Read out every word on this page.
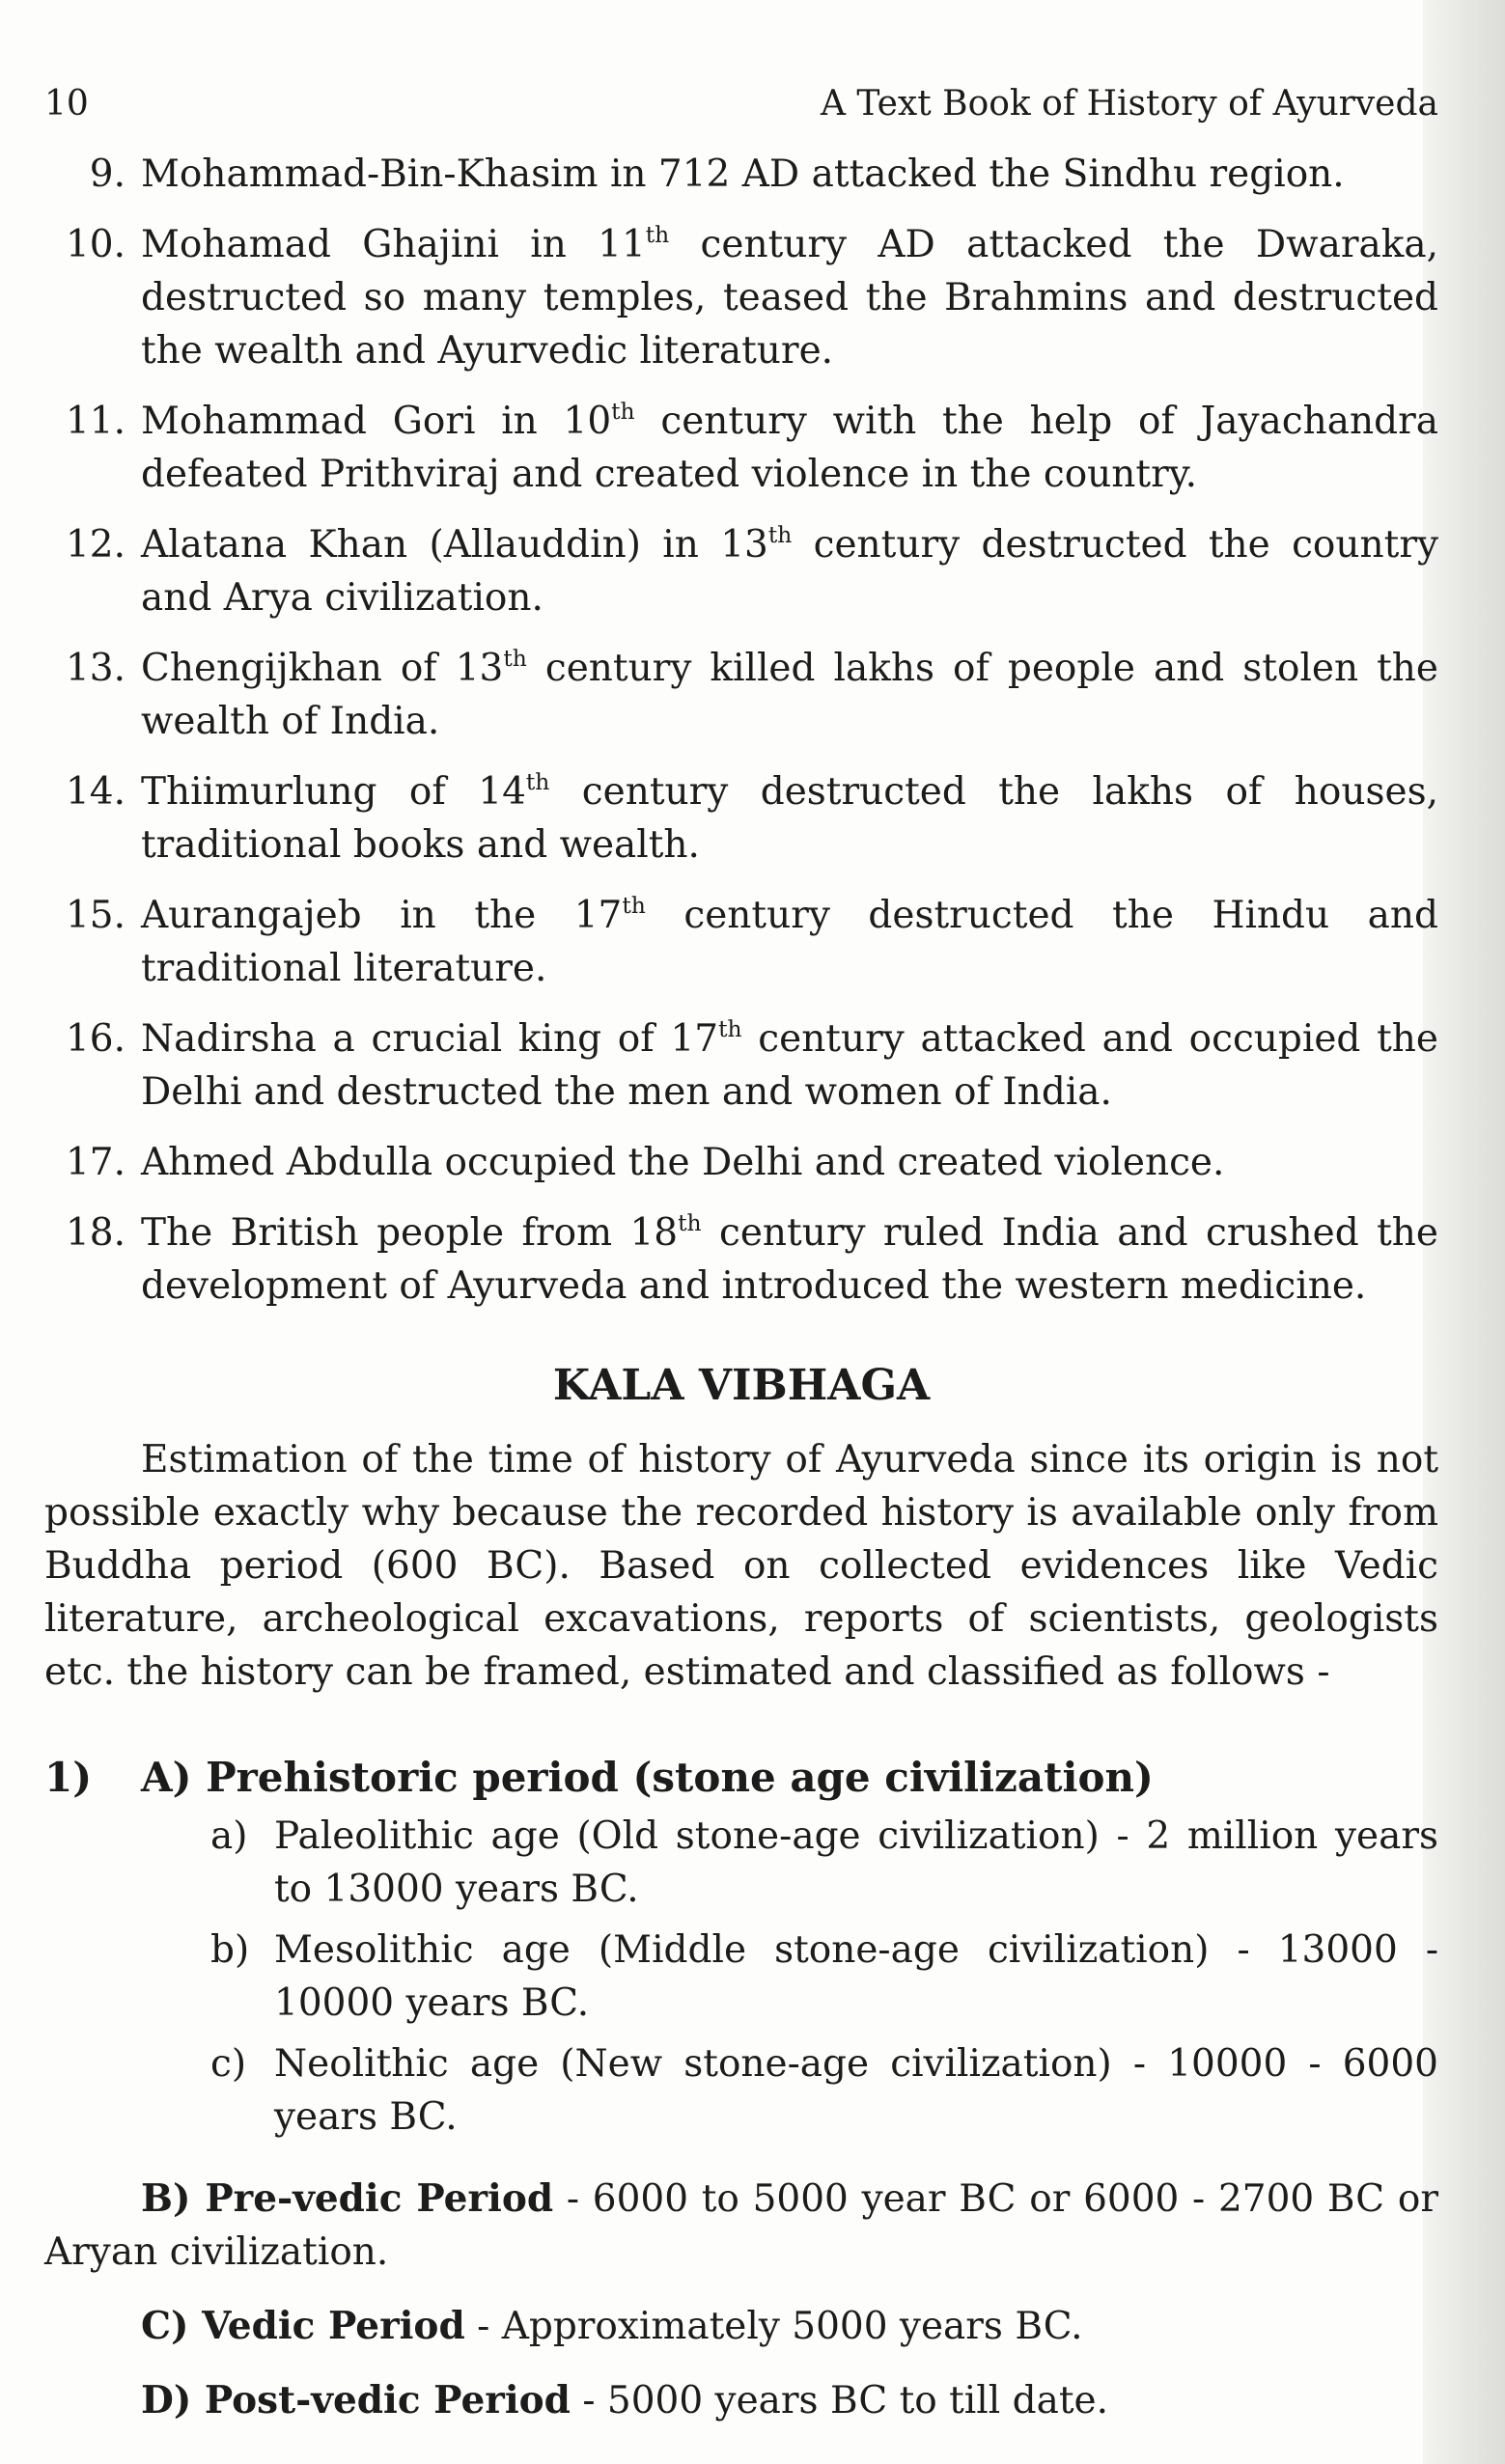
10	A Text Book of History of Ayurveda
9. Mohammad-Bin-Khasim in 712 AD attacked the Sindhu region.
10. Mohamad Ghajini in 11th century AD attacked the Dwaraka, destructed so many temples, teased the Brahmins and destructed the wealth and Ayurvedic literature.
11. Mohammad Gori in 10th century with the help of Jayachandra defeated Prithviraj and created violence in the country.
12. Alatana Khan (Allauddin) in 13th century destructed the country and Arya civilization.
13. Chengijkhan of 13th century killed lakhs of people and stolen the wealth of India.
14. Thiimurlung of 14th century destructed the lakhs of houses, traditional books and wealth.
15. Aurangajeb in the 17th century destructed the Hindu and traditional literature.
16. Nadirsha a crucial king of 17th century attacked and occupied the Delhi and destructed the men and women of India.
17. Ahmed Abdulla occupied the Delhi and created violence.
18. The British people from 18th century ruled India and crushed the development of Ayurveda and introduced the western medicine.
KALA VIBHAGA

Estimation of the time of history of Ayurveda since its origin is not possible exactly why because the recorded history is available only from Buddha period (600 BC). Based on collected evidences like Vedic literature, archeological excavations, reports of scientists, geologists etc. the history can be framed, estimated and classified as follows -

1)	A) Prehistoric period (stone age civilization)
a) Paleolithic age (Old stone-age civilization) - 2 million years to 13000 years BC.
b) Mesolithic age (Middle stone-age civilization) - 13000 - 10000 years BC.
c) Neolithic age (New stone-age civilization) - 10000 - 6000 years BC.

B) Pre-vedic Period - 6000 to 5000 year BC or 6000 - 2700 BC or Aryan civilization.

C) Vedic Period - Approximately 5000 years BC.

D) Post-vedic Period - 5000 years BC to till date.
